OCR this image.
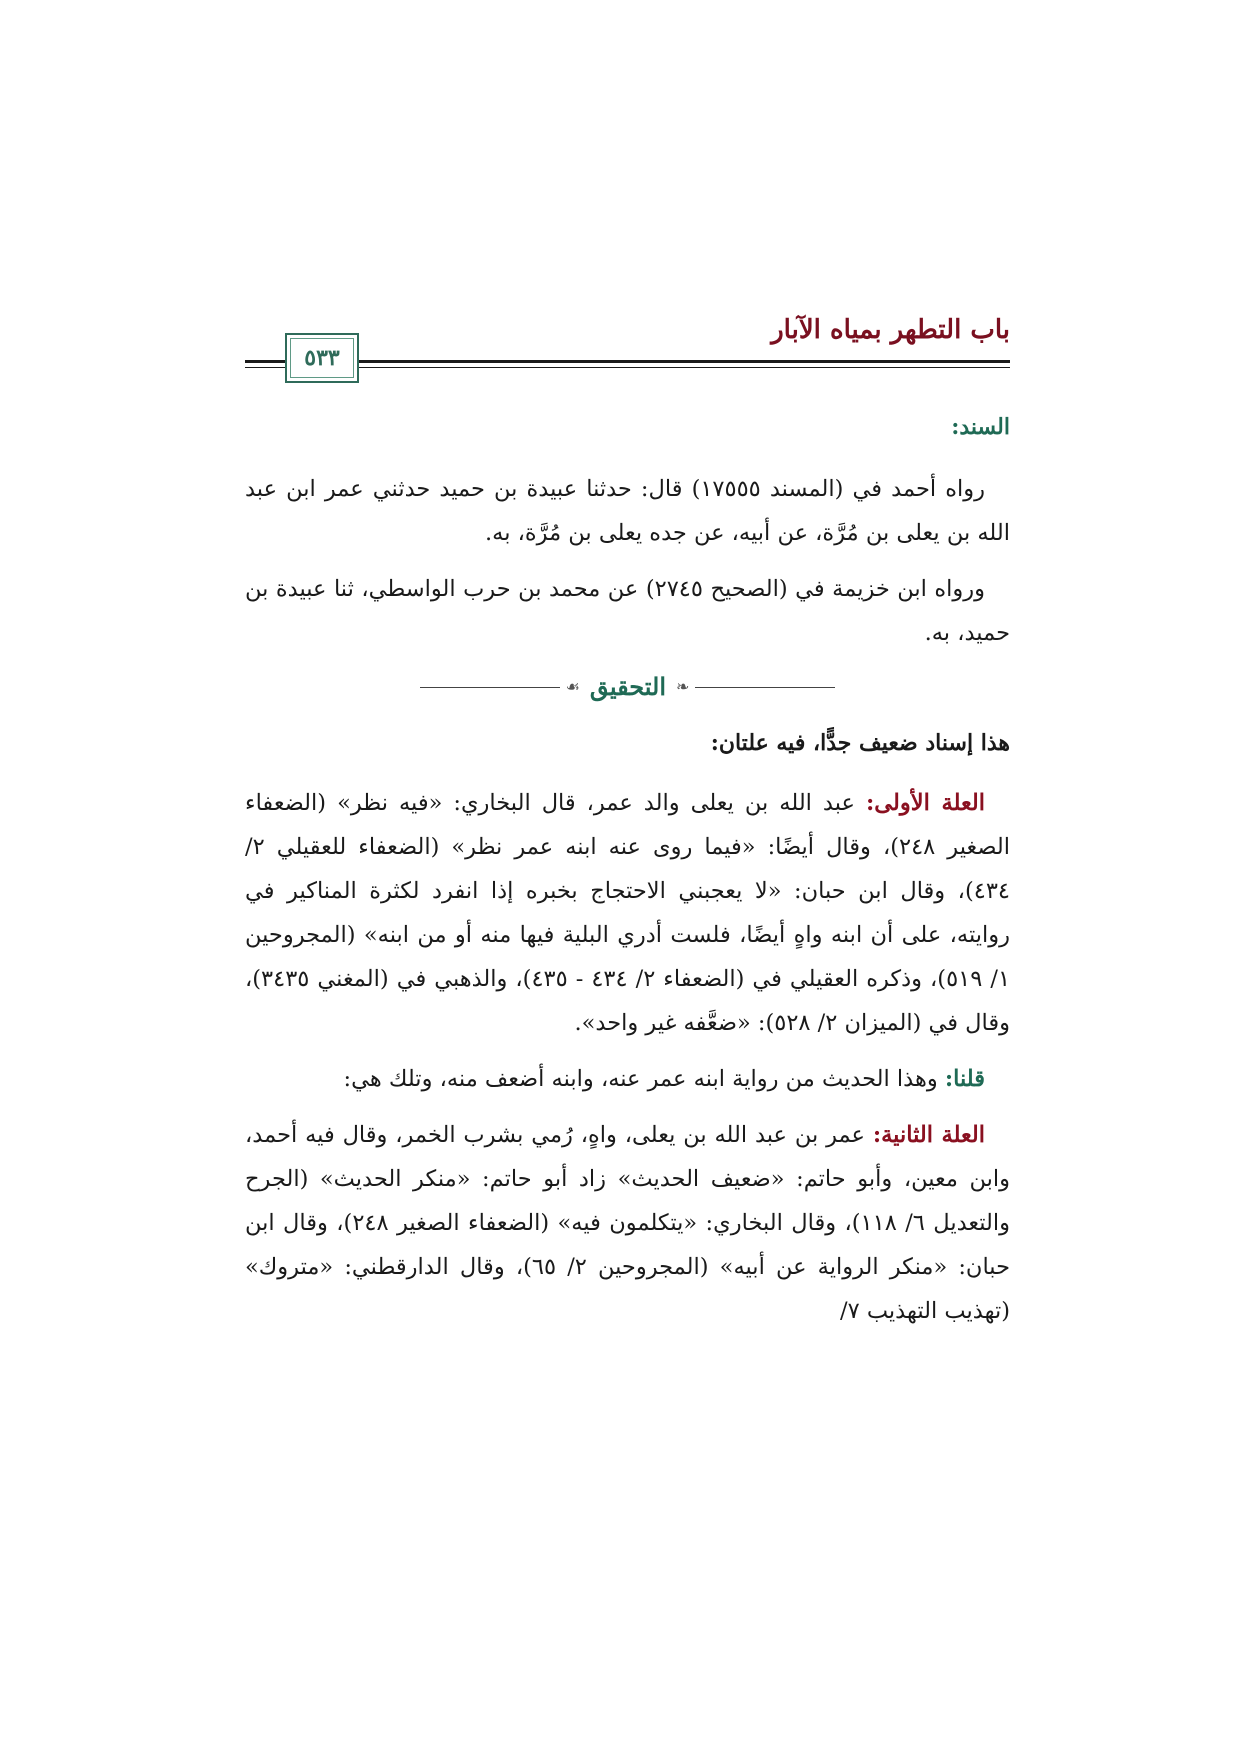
باب التطهر بمياه الآبار
٥٣٣
السند:

رواه أحمد في (المسند ١٧٥٥٥) قال: حدثنا عبيدة بن حميد حدثني عمر ابن عبد الله بن يعلى بن مُرَّة، عن أبيه، عن جده يعلى بن مُرَّة، به.

ورواه ابن خزيمة في (الصحيح ٢٧٤٥) عن محمد بن حرب الواسطي، ثنا عبيدة بن حميد، به.

❧
التحقيق
☙
هذا إسناد ضعيف جدًّا، فيه علتان:

العلة الأولى: عبد الله بن يعلى والد عمر، قال البخاري: «فيه نظر» (الضعفاء الصغير ٢٤٨)، وقال أيضًا: «فيما روى عنه ابنه عمر نظر» (الضعفاء للعقيلي ٢/ ٤٣٤)، وقال ابن حبان: «لا يعجبني الاحتجاج بخبره إذا انفرد لكثرة المناكير في روايته، على أن ابنه واهٍ أيضًا، فلست أدري البلية فيها منه أو من ابنه» (المجروحين ١/ ٥١٩)، وذكره العقيلي في (الضعفاء ٢/ ٤٣٤ - ٤٣٥)، والذهبي في (المغني ٣٤٣٥)، وقال في (الميزان ٢/ ٥٢٨): «ضعَّفه غير واحد».

قلنا: وهذا الحديث من رواية ابنه عمر عنه، وابنه أضعف منه، وتلك هي:

العلة الثانية: عمر بن عبد الله بن يعلى، واهٍ، رُمي بشرب الخمر، وقال فيه أحمد، وابن معين، وأبو حاتم: «ضعيف الحديث» زاد أبو حاتم: «منكر الحديث» (الجرح والتعديل ٦/ ١١٨)، وقال البخاري: «يتكلمون فيه» (الضعفاء الصغير ٢٤٨)، وقال ابن حبان: «منكر الرواية عن أبيه» (المجروحين ٢/ ٦٥)، وقال الدارقطني: «متروك» (تهذيب التهذيب ٧/
